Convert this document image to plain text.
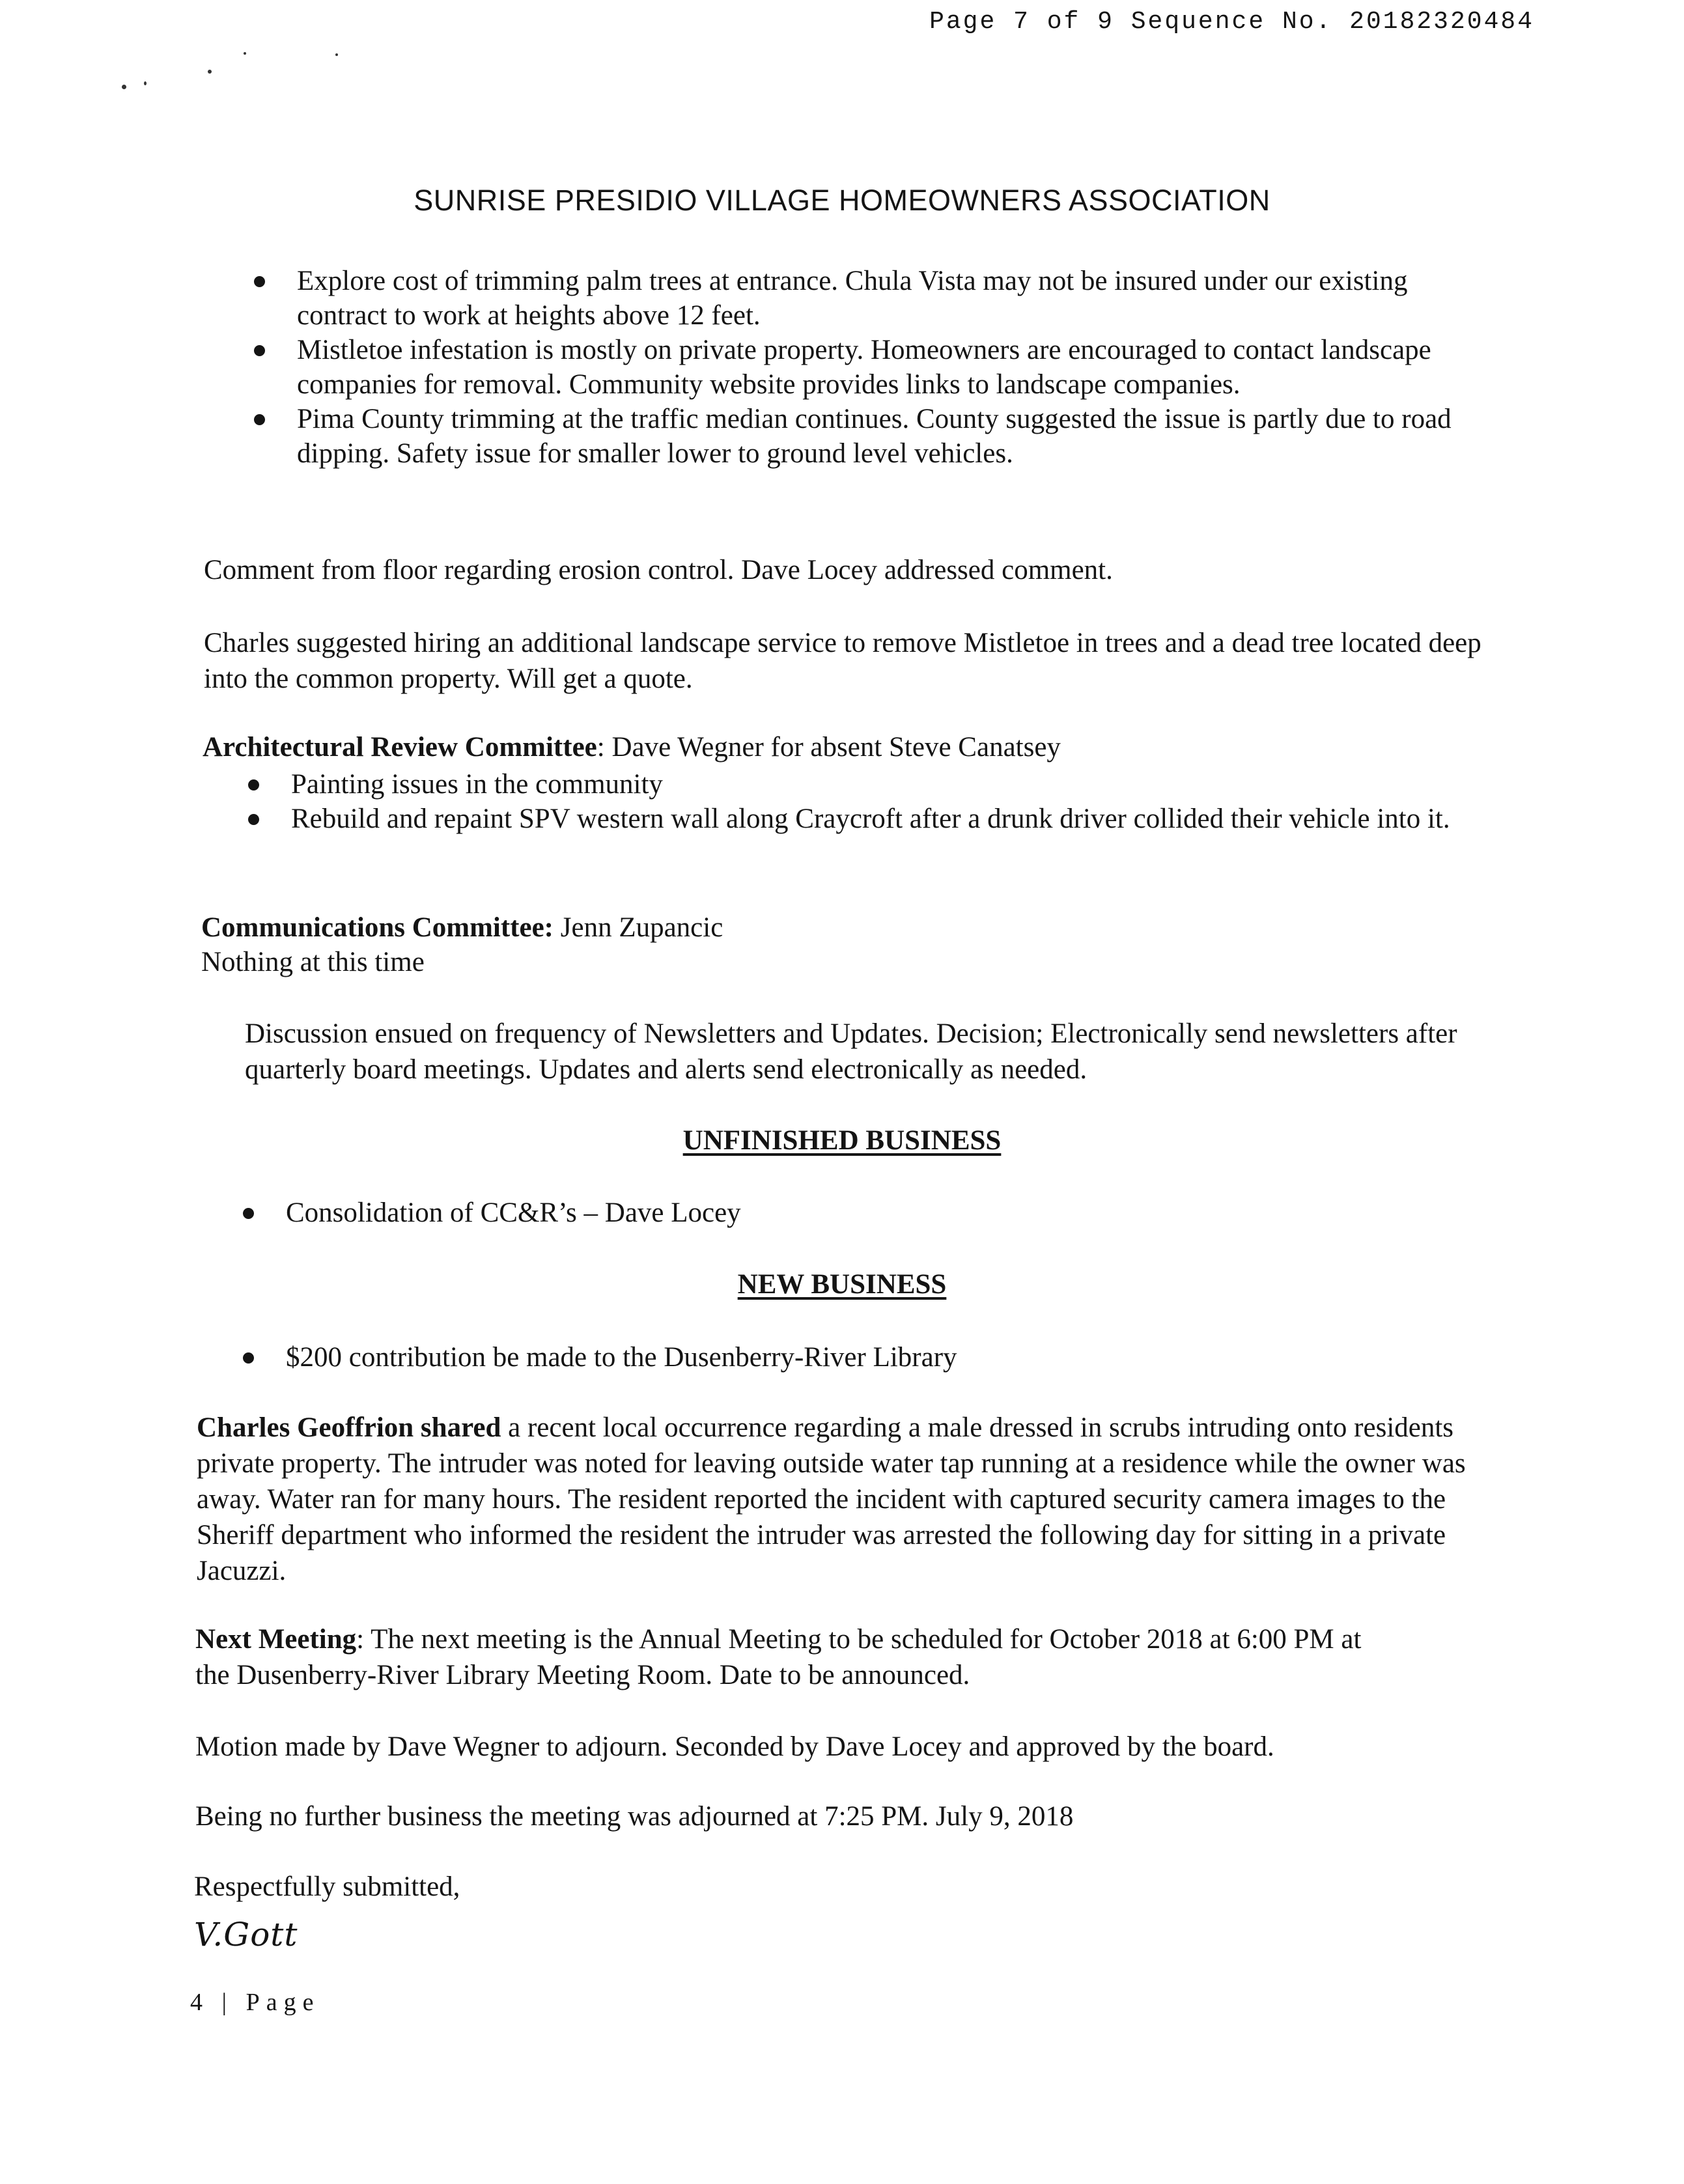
Page 7 of 9 Sequence No. 20182320484
SUNRISE PRESIDIO VILLAGE HOMEOWNERS ASSOCIATION
Explore cost of trimming palm trees at entrance. Chula Vista may not be insured under our existing contract to work at heights above 12 feet.
Mistletoe infestation is mostly on private property. Homeowners are encouraged to contact landscape companies for removal. Community website provides links to landscape companies.
Pima County trimming at the traffic median continues. County suggested the issue is partly due to road dipping. Safety issue for smaller lower to ground level vehicles.
Comment from floor regarding erosion control. Dave Locey addressed comment.
Charles suggested hiring an additional landscape service to remove Mistletoe in trees and a dead tree located deep into the common property. Will get a quote.
Architectural Review Committee: Dave Wegner for absent Steve Canatsey
Painting issues in the community
Rebuild and repaint SPV western wall along Craycroft after a drunk driver collided their vehicle into it.
Communications Committee: Jenn Zupancic
Nothing at this time
Discussion ensued on frequency of Newsletters and Updates. Decision; Electronically send newsletters after quarterly board meetings. Updates and alerts send electronically as needed.
UNFINISHED BUSINESS
Consolidation of CC&R’s – Dave Locey
NEW BUSINESS
$200 contribution be made to the Dusenberry-River Library
Charles Geoffrion shared a recent local occurrence regarding a male dressed in scrubs intruding onto residents private property. The intruder was noted for leaving outside water tap running at a residence while the owner was away. Water ran for many hours. The resident reported the incident with captured security camera images to the Sheriff department who informed the resident the intruder was arrested the following day for sitting in a private Jacuzzi.
Next Meeting: The next meeting is the Annual Meeting to be scheduled for October 2018 at 6:00 PM at the Dusenberry-River Library Meeting Room. Date to be announced.
Motion made by Dave Wegner to adjourn. Seconded by Dave Locey and approved by the board.
Being no further business the meeting was adjourned at 7:25 PM. July 9, 2018
Respectfully submitted,
V.Gott
4 | Page
